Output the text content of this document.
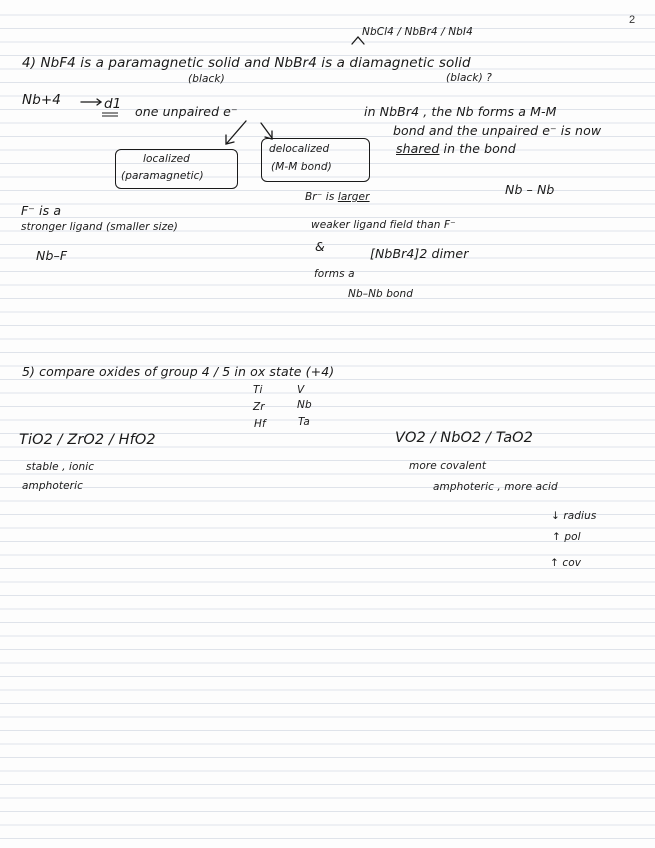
2
NbCl4 / NbBr4 / NbI4
4) NbF4 is a paramagnetic solid and NbBr4 is a diamagnetic solid
(black)	(black) ?
Nb+4	d1 one unpaired e⁻
localized
(paramagnetic)
delocalized
(M-M bond)
in NbBr4 , the Nb forms a M-M
bond and the unpaired e⁻ is now
shared in the bond
Nb – Nb
F⁻ is a
stronger ligand (smaller size)
Nb–F
Br⁻ is larger
weaker ligand field than F⁻
&	[NbBr4]2 dimer
forms a
Nb–Nb bond
5) compare oxides of group 4 / 5 in ox state (+4)
Ti	V
Zr	Nb
Hf	Ta
TiO2 / ZrO2 / HfO2	VO2 / NbO2 / TaO2
stable , ionic
amphoteric
more covalent
amphoteric , more acid
↓ radius
↑ pol
↑ cov
